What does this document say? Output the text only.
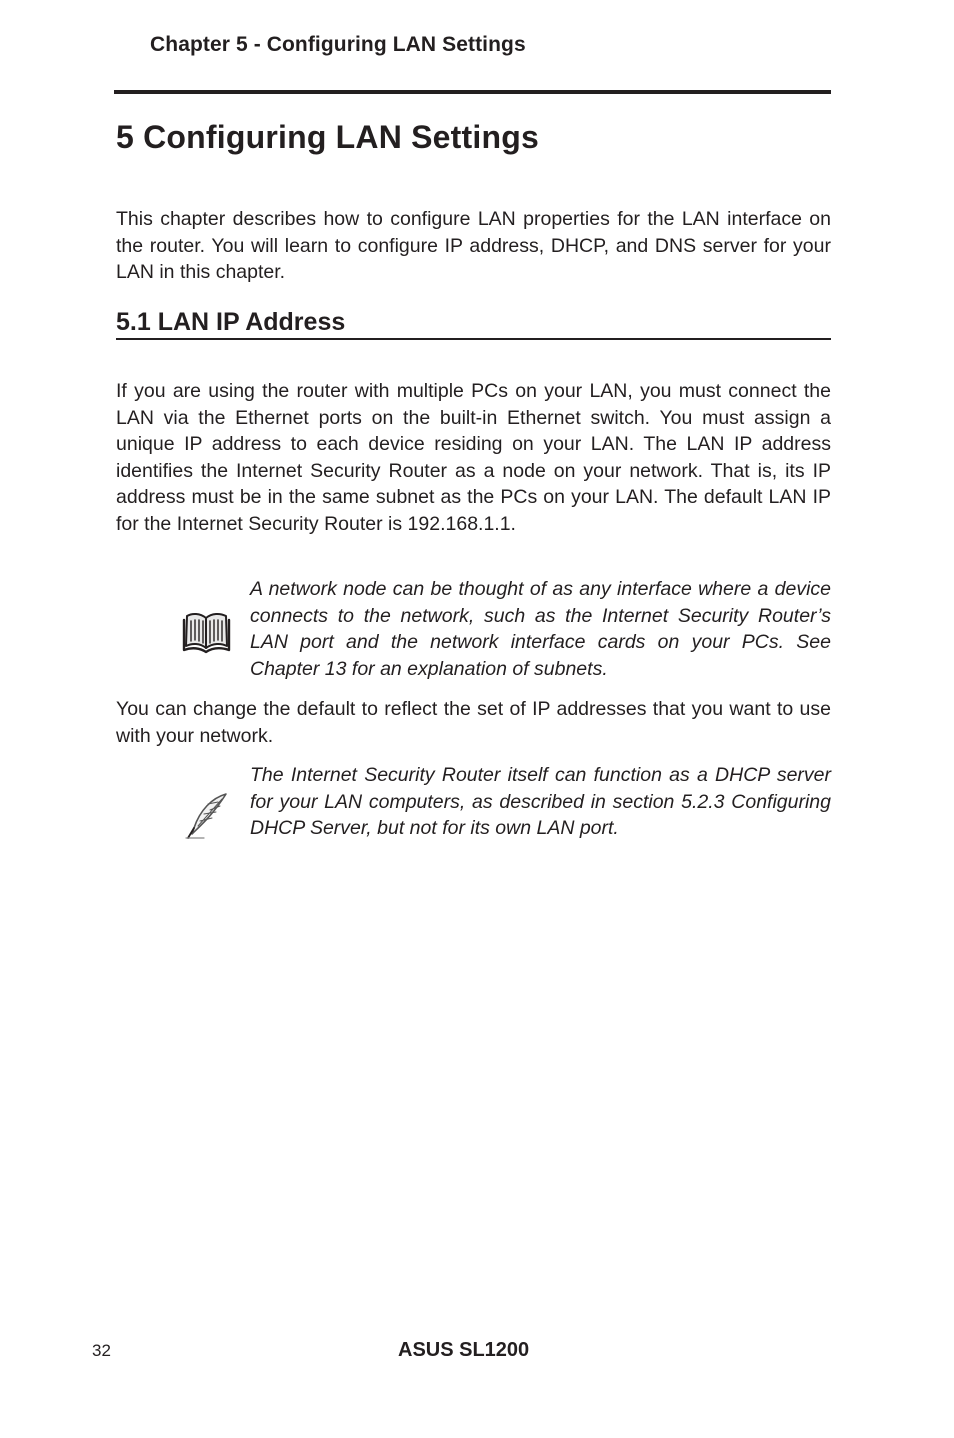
Chapter 5 - Configuring LAN Settings
5 Configuring LAN Settings

This chapter describes how to configure LAN properties for the LAN interface on the router. You will learn to configure IP address, DHCP, and DNS server for your LAN in this chapter.

5.1 LAN IP Address

If you are using the router with multiple PCs on your LAN, you must connect the LAN via the Ethernet ports on the built-in Ethernet switch. You must assign a unique IP address to each device residing on your LAN. The LAN IP address identifies the Internet Security Router as a node on your network. That is, its IP address must be in the same subnet as the PCs on your LAN. The default LAN IP for the Internet Security Router is 192.168.1.1.

A network node can be thought of as any interface where a device connects to the network, such as the Internet Security Router’s LAN port and the network interface cards on your PCs. See Chapter 13 for an explanation of subnets.

You can change the default to reflect the set of IP addresses that you want to use with your network.

The Internet Security Router itself can function as a DHCP server for your LAN computers, as described in section 5.2.3 Configuring DHCP Server, but not for its own LAN port.

32	ASUS SL1200
